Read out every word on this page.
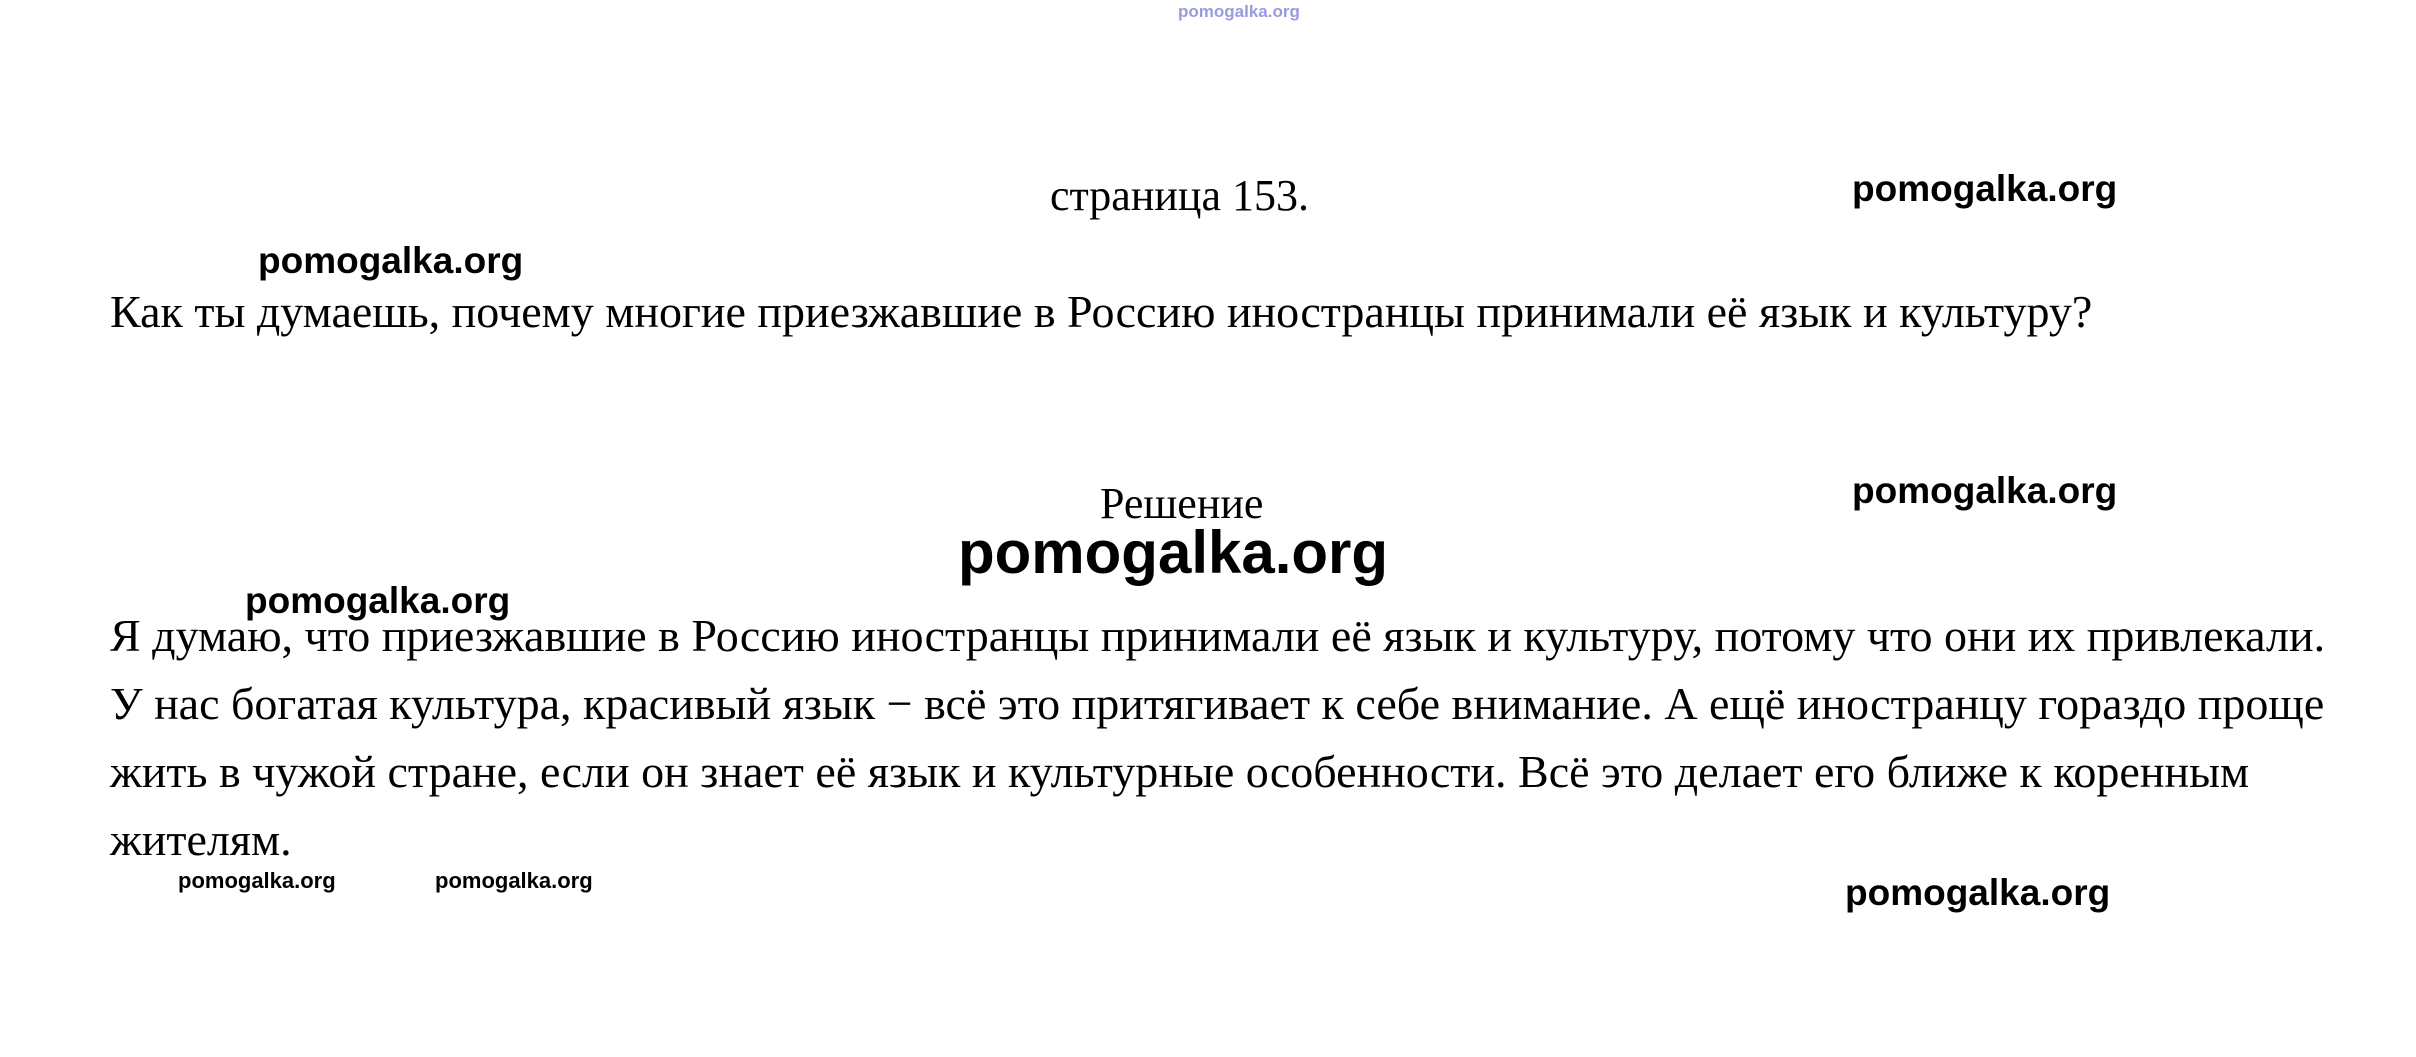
pomogalka.org
страница 153.	pomogalka.org
pomogalka.org
Как ты думаешь, почему многие приезжавшие в Россию иностранцы принимали её язык и культуру?
Решение	pomogalka.org
pomogalka.org
pomogalka.org
Я думаю, что приезжавшие в Россию иностранцы принимали её язык и культуру, потому что они их привлекали. У нас богатая культура, красивый язык − всё это притягивает к себе внимание. А ещё иностранцу гораздо проще жить в чужой стране, если он знает её язык и культурные особенности. Всё это делает его ближе к коренным жителям.
pomogalka.org	pomogalka.org	pomogalka.org
